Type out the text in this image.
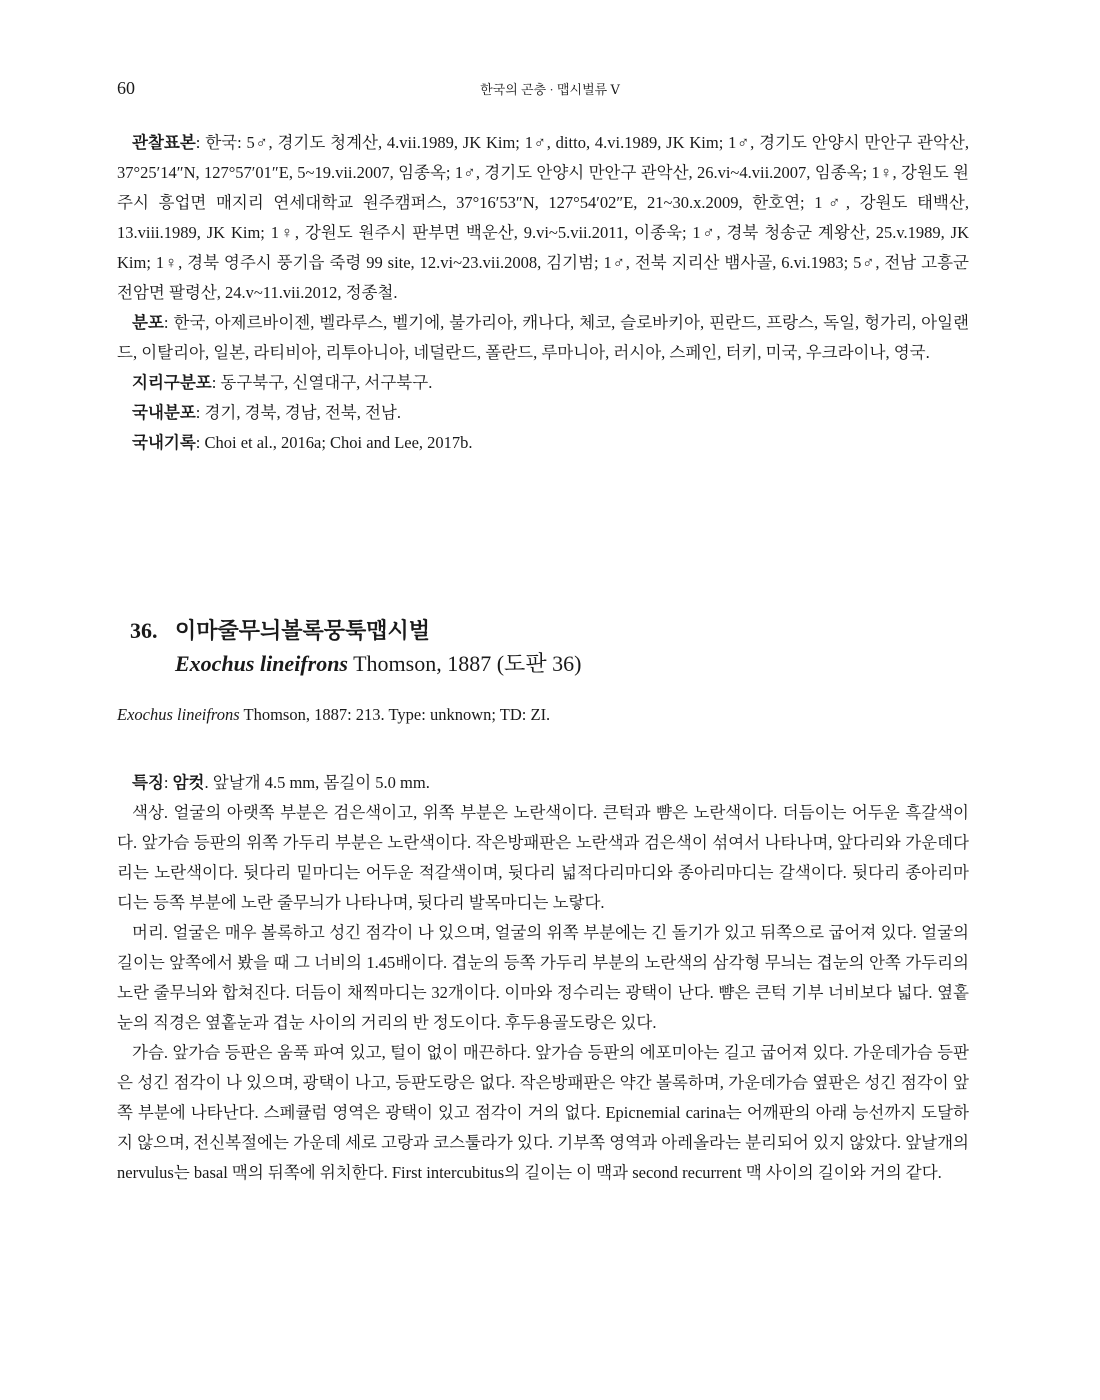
60	한국의 곤충 · 맵시벌류 Ⅴ

관찰표본: 한국: 5♂, 경기도 청계산, 4.vii.1989, JK Kim; 1♂, ditto, 4.vi.1989, JK Kim; 1♂, 경기도 안양시 만안구 관악산, 37°25′14″N, 127°57′01″E, 5~19.vii.2007, 임종옥; 1♂, 경기도 안양시 만안구 관악산, 26.vi~4.vii.2007, 임종옥; 1♀, 강원도 원주시 흥업면 매지리 연세대학교 원주캠퍼스, 37°16′53″N, 127°54′02″E, 21~30.x.2009, 한호연; 1♂, 강원도 태백산, 13.viii.1989, JK Kim; 1♀, 강원도 원주시 판부면 백운산, 9.vi~5.vii.2011, 이종욱; 1♂, 경북 청송군 계왕산, 25.v.1989, JK Kim; 1♀, 경북 영주시 풍기읍 죽령 99 site, 12.vi~23.vii.2008, 김기범; 1♂, 전북 지리산 뱀사골, 6.vi.1983; 5♂, 전남 고흥군 전암면 팔령산, 24.v~11.vii.2012, 정종철.

분포: 한국, 아제르바이젠, 벨라루스, 벨기에, 불가리아, 캐나다, 체코, 슬로바키아, 핀란드, 프랑스, 독일, 헝가리, 아일랜드, 이탈리아, 일본, 라티비아, 리투아니아, 네덜란드, 폴란드, 루마니아, 러시아, 스페인, 터키, 미국, 우크라이나, 영국.

지리구분포: 동구북구, 신열대구, 서구북구.

국내분포: 경기, 경북, 경남, 전북, 전남.

국내기록: Choi et al., 2016a; Choi and Lee, 2017b.

36. 이마줄무늬볼록뭉툭맵시벌
Exochus lineifrons Thomson, 1887 (도판 36)
Exochus lineifrons Thomson, 1887: 213. Type: unknown; TD: ZI.

특징: 암컷. 앞날개 4.5 mm, 몸길이 5.0 mm.

색상. 얼굴의 아랫쪽 부분은 검은색이고, 위쪽 부분은 노란색이다. 큰턱과 뺨은 노란색이다. 더듬이는 어두운 흑갈색이다. 앞가슴 등판의 위쪽 가두리 부분은 노란색이다. 작은방패판은 노란색과 검은색이 섞여서 나타나며, 앞다리와 가운데다리는 노란색이다. 뒷다리 밑마디는 어두운 적갈색이며, 뒷다리 넓적다리마디와 종아리마디는 갈색이다. 뒷다리 종아리마디는 등쪽 부분에 노란 줄무늬가 나타나며, 뒷다리 발목마디는 노랗다.

머리. 얼굴은 매우 볼록하고 성긴 점각이 나 있으며, 얼굴의 위쪽 부분에는 긴 돌기가 있고 뒤쪽으로 굽어져 있다. 얼굴의 길이는 앞쪽에서 봤을 때 그 너비의 1.45배이다. 겹눈의 등쪽 가두리 부분의 노란색의 삼각형 무늬는 겹눈의 안쪽 가두리의 노란 줄무늬와 합쳐진다. 더듬이 채찍마디는 32개이다. 이마와 정수리는 광택이 난다. 뺨은 큰턱 기부 너비보다 넓다. 옆홑눈의 직경은 옆홑눈과 겹눈 사이의 거리의 반 정도이다. 후두용골도랑은 있다.

가슴. 앞가슴 등판은 움푹 파여 있고, 털이 없이 매끈하다. 앞가슴 등판의 에포미아는 길고 굽어져 있다. 가운데가슴 등판은 성긴 점각이 나 있으며, 광택이 나고, 등판도랑은 없다. 작은방패판은 약간 볼록하며, 가운데가슴 옆판은 성긴 점각이 앞쪽 부분에 나타난다. 스페큘럼 영역은 광택이 있고 점각이 거의 없다. Epicnemial carina는 어깨판의 아래 능선까지 도달하지 않으며, 전신복절에는 가운데 세로 고랑과 코스툴라가 있다. 기부쪽 영역과 아레올라는 분리되어 있지 않았다. 앞날개의 nervulus는 basal 맥의 뒤쪽에 위치한다. First intercubitus의 길이는 이 맥과 second recurrent 맥 사이의 길이와 거의 같다.
